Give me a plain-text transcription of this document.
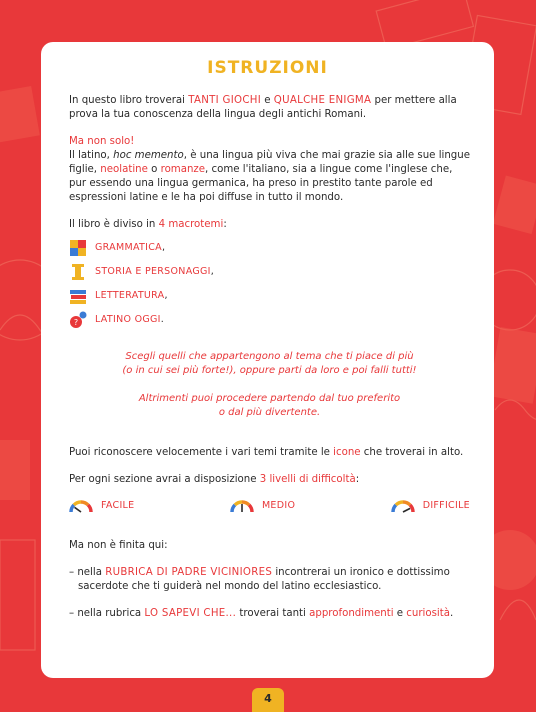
ISTRUZIONI

In questo libro troverai TANTI GIOCHI e QUALCHE ENIGMA per mettere alla prova la tua conoscenza della lingua degli antichi Romani.

Ma non solo!

Il latino, hoc memento, è una lingua più viva che mai grazie sia alle sue lingue figlie, neolatine o romanze, come l'italiano, sia a lingue come l'inglese che, pur essendo una lingua germanica, ha preso in prestito tante parole ed espressioni latine e le ha poi diffuse in tutto il mondo.

Il libro è diviso in 4 macrotemi:

GRAMMATICA ,
STORIA E PERSONAGGI ,
LETTERATURA ,
? LATINO OGGI .

Scegli quelli che appartengono al tema che ti piace di più

(o in cui sei più forte!), oppure parti da loro e poi falli tutti!

Altrimenti puoi procedere partendo dal tuo preferito

o dal più divertente.

Puoi riconoscere velocemente i vari temi tramite le icone che troverai in alto.

Per ogni sezione avrai a disposizione 3 livelli di difficoltà:

FACILE	MEDIO	DIFFICILE

Ma non è finita qui:

– nella RUBRICA DI PADRE VICINIORES incontrerai un ironico e dottissimo sacerdote che ti guiderà nel mondo del latino ecclesiastico.

– nella rubrica LO SAPEVI CHE... troverai tanti approfondimenti e curiosità.

4
